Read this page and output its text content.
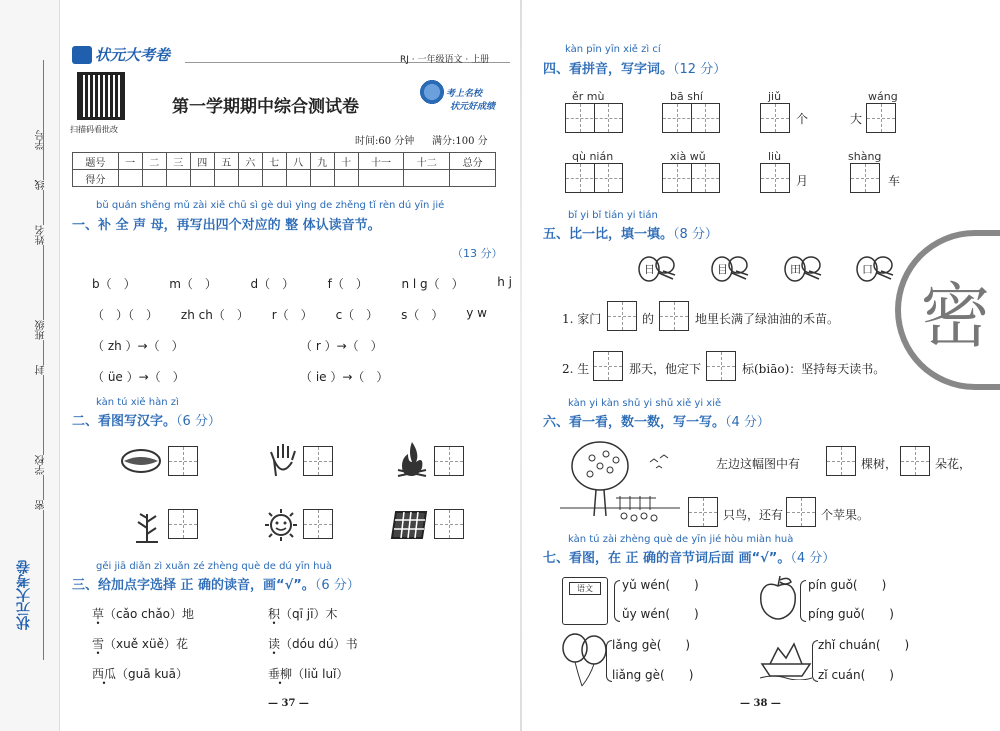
学号
线
姓名
班级
封
学校
密
状元大考卷
状元大考卷	RJ · 一年级语文 · 上册
扫描码看批改
第一学期期中综合测试卷
考上名校
状元好成绩
时间:60 分钟 满分:100 分
题号	一	二	三	四	五	六	七	八	九	十	十一	十二	总分
得分													
bǔ quán shēng mǔ zài xiě chū sì gè duì yìng de zhěng tǐ rèn dú yīn jié
一、补 全 声 母，再写出四个对应的 整 体认读音节。
（13 分）
b（　）	m（　）	d（　）	f（　）	n l g（　）	h j
（　）（　） zh ch（　） r（　） c（　） s（　） y w
（ zh ）→（　）	（ r ）→（　）
（ üe ）→（　）	（ ie ）→（　）
kàn tú xiě hàn zì
二、看图写汉字。（6 分）
gěi jiā diǎn zì xuǎn zé zhèng què de dú yīn huà
三、给加点字选择 正 确的读音，画“√”。（6 分）
草（cǎo chǎo）地	积（qī jī）木
雪（xuě xüě）花	读（dóu dú）书
西瓜（guā kuā）	垂柳（liǔ luǐ）
— 37 —
kàn pīn yīn xiě zì cí
四、看拼音，写字词。（12 分）
ěr mù	bā shí	jiǔ
个
wáng
大
qù nián	xià wǔ	liù
月
shàng
车
bǐ yi bǐ tián yi tián
五、比一比，填一填。（8 分）
日	目	田	口
1. 家门	的	地里长满了绿油油的禾苗。
2. 生	那天，他定下	标(biāo)：坚持每天读书。
kàn yi kàn shǔ yi shǔ xiě yi xiě
六、看一看，数一数，写一写。（4 分）
左边这幅图中有	棵树，	朵花，
只鸟，还有	个苹果。
kàn tú zài zhèng què de yīn jié hòu miàn huà
七、看图，在 正 确的音节词后面 画“√”。（4 分）
语文	yǔ wén(　　)
ǔy wén(　　)
pín guǒ(　　)
píng guǒ(　　)
lǎng gè(　　)
liǎng gè(　　)
zhǐ chuán(　　)
zǐ cuán(　　)
— 38 —
密
